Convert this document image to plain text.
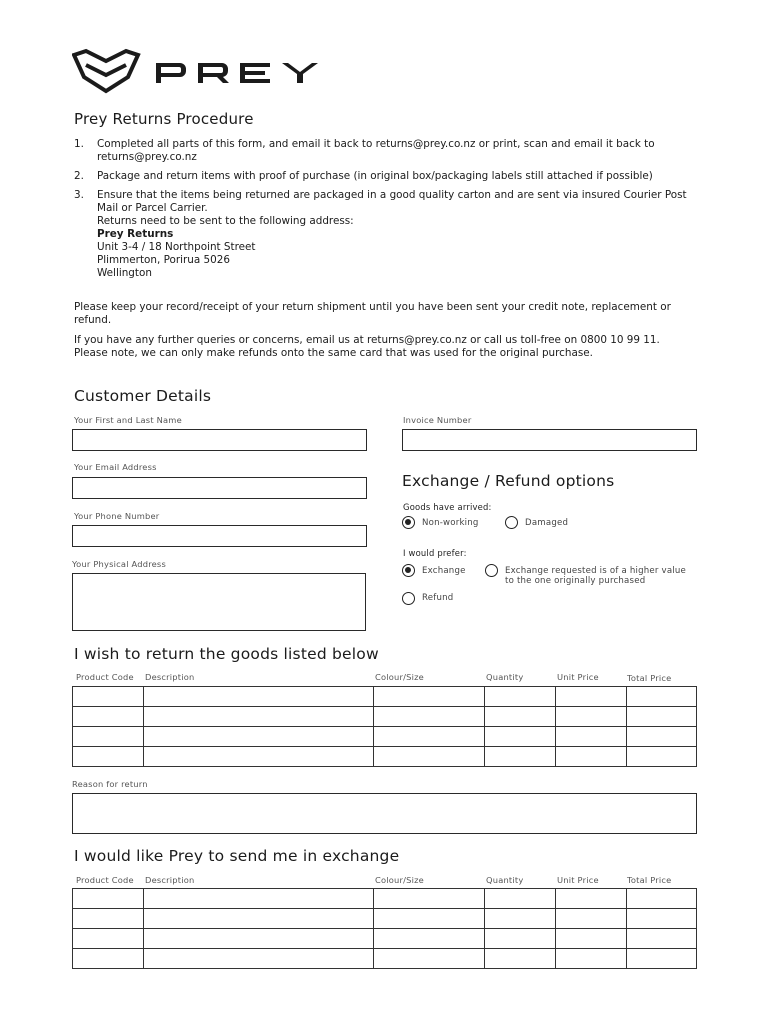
Prey Returns Procedure
1. Completed all parts of this form, and email it back to returns@prey.co.nz or print, scan and email it back to returns@prey.co.nz
2. Package and return items with proof of purchase (in original box/packaging labels still attached if possible)
3. Ensure that the items being returned are packaged in a good quality carton and are sent via insured Courier Post Mail or Parcel Carrier.
Returns need to be sent to the following address:
Prey Returns
Unit 3-4 / 18 Northpoint Street
Plimmerton, Porirua 5026
Wellington
Please keep your record/receipt of your return shipment until you have been sent your credit note, replacement or refund.
If you have any further queries or concerns, email us at returns@prey.co.nz or call us toll-free on 0800 10 99 11. Please note, we can only make refunds onto the same card that was used for the original purchase.
Customer Details
Your First and Last Name	Invoice Number
Your Email Address
Your Phone Number
Your Physical Address
Exchange / Refund options
Goods have arrived:
Non-working	Damaged
I would prefer:
Exchange	Exchange requested is of a higher value to the one originally purchased
Refund
I wish to return the goods listed below
Product Code Description	Colour/Size	Quantity	Unit Price	Total Price

Reason for return
I would like Prey to send me in exchange
Product Code Description	Colour/Size	Quantity	Unit Price	Total Price
